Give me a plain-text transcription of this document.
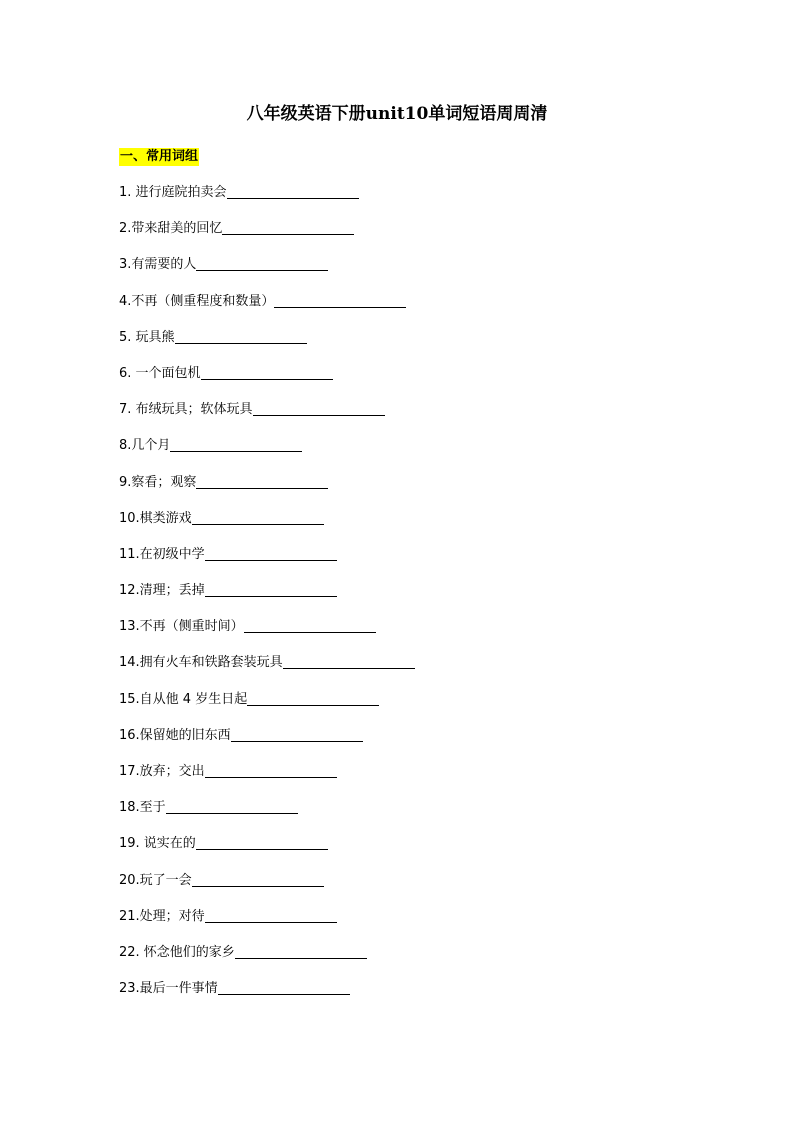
八年级英语下册unit10单词短语周周清
一、常用词组
1. 进行庭院拍卖会
2.带来甜美的回忆
3.有需要的人
4.不再（侧重程度和数量）
5. 玩具熊
6. 一个面包机
7. 布绒玩具；软体玩具
8.几个月
9.察看；观察
10.棋类游戏
11.在初级中学
12.清理；丢掉
13.不再（侧重时间）
14.拥有火车和铁路套装玩具
15.自从他 4 岁生日起
16.保留她的旧东西
17.放弃；交出
18.至于
19. 说实在的
20.玩了一会
21.处理；对待
22. 怀念他们的家乡
23.最后一件事情
